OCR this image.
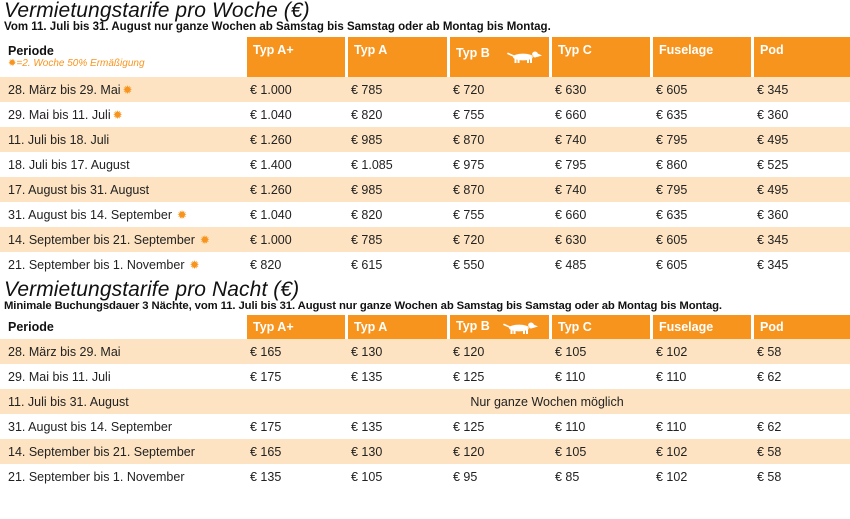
Vermietungstarife pro Woche (€)

Vom 11. Juli bis 31. August nur ganze Wochen ab Samstag bis Samstag oder ab Montag bis Montag.

Periode
✹=2. Woche 50% Ermäßigung	Typ A+	Typ A	Typ B	Typ C	Fuselage	Pod
28. März bis 29. Mai ✹	€ 1.000	€ 785	€ 720	€ 630	€ 605	€ 345
29. Mai bis 11. Juli ✹	€ 1.040	€ 820	€ 755	€ 660	€ 635	€ 360
11. Juli bis 18. Juli	€ 1.260	€ 985	€ 870	€ 740	€ 795	€ 495
18. Juli bis 17. August	€ 1.400	€ 1.085	€ 975	€ 795	€ 860	€ 525
17. August bis 31. August	€ 1.260	€ 985	€ 870	€ 740	€ 795	€ 495
31. August bis 14. September ✹	€ 1.040	€ 820	€ 755	€ 660	€ 635	€ 360
14. September bis 21. September ✹	€ 1.000	€ 785	€ 720	€ 630	€ 605	€ 345
21. September bis 1. November ✹	€ 820	€ 615	€ 550	€ 485	€ 605	€ 345
Vermietungstarife pro Nacht (€)

Minimale Buchungsdauer 3 Nächte, vom 11. Juli bis 31. August nur ganze Wochen ab Samstag bis Samstag oder ab Montag bis Montag.

Periode	Typ A+	Typ A	Typ B	Typ C	Fuselage	Pod
28. März bis 29. Mai	€ 165	€ 130	€ 120	€ 105	€ 102	€ 58
29. Mai bis 11. Juli	€ 175	€ 135	€ 125	€ 110	€ 110	€ 62
11. Juli bis 31. August	Nur ganze Wochen möglich					
31. August bis 14. September	€ 175	€ 135	€ 125	€ 110	€ 110	€ 62
14. September bis 21. September	€ 165	€ 130	€ 120	€ 105	€ 102	€ 58
21. September bis 1. November	€ 135	€ 105	€ 95	€ 85	€ 102	€ 58
